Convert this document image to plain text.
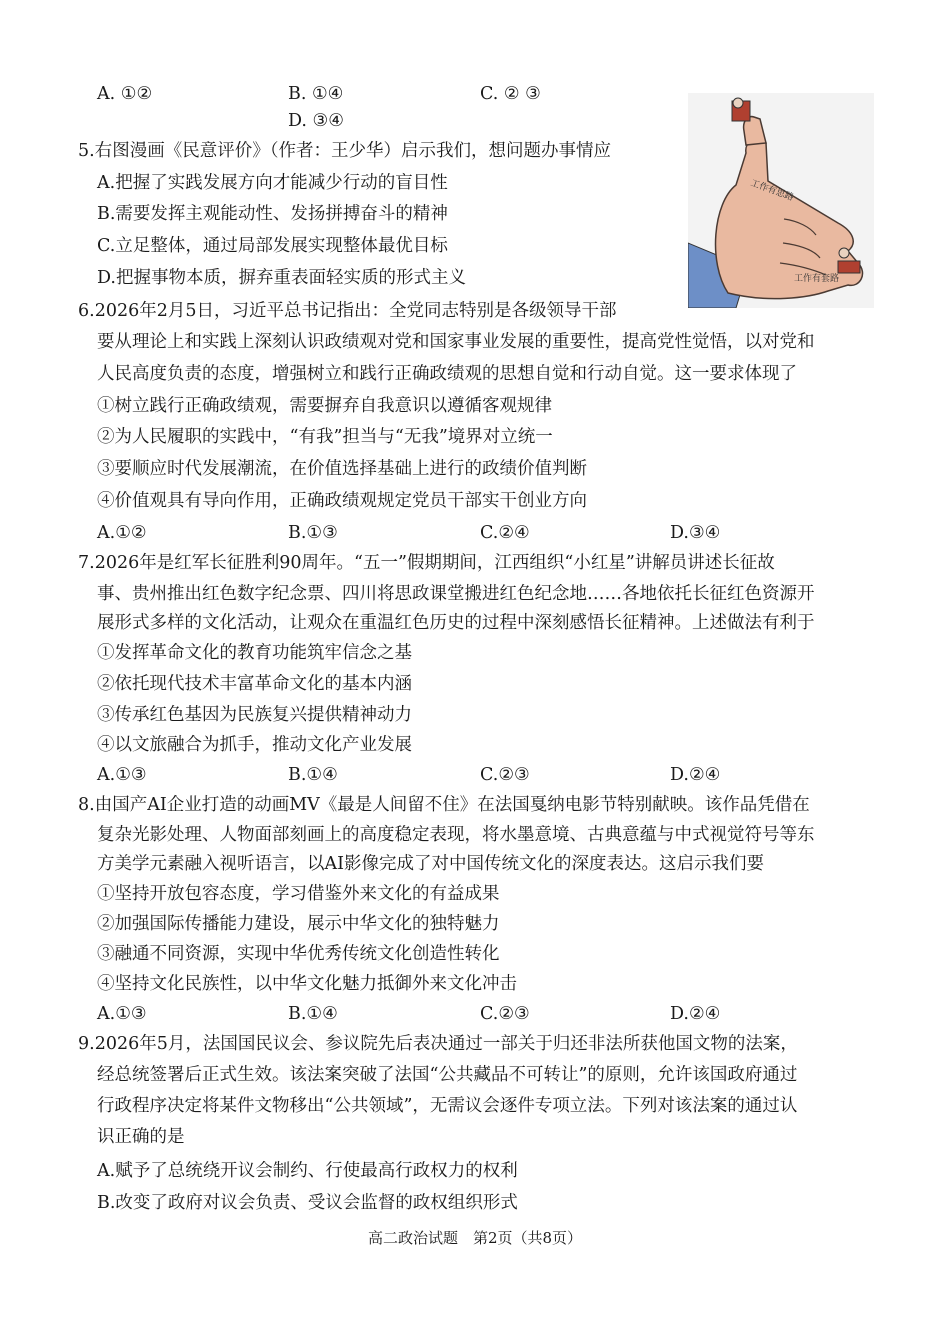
A. ①②	B. ①④	C. ② ③
D. ③④
工作有思路
工作有套路
5.右图漫画《民意评价》（作者：王少华）启示我们，想问题办事情应
A.把握了实践发展方向才能减少行动的盲目性
B.需要发挥主观能动性、发扬拼搏奋斗的精神
C.立足整体，通过局部发展实现整体最优目标
D.把握事物本质，摒弃重表面轻实质的形式主义
6.2026年2月5日，习近平总书记指出：全党同志特别是各级领导干部
要从理论上和实践上深刻认识政绩观对党和国家事业发展的重要性，提高党性觉悟，以对党和
人民高度负责的态度，增强树立和践行正确政绩观的思想自觉和行动自觉。这一要求体现了
①树立践行正确政绩观，需要摒弃自我意识以遵循客观规律
②为人民履职的实践中，“有我”担当与“无我”境界对立统一
③要顺应时代发展潮流，在价值选择基础上进行的政绩价值判断
④价值观具有导向作用，正确政绩观规定党员干部实干创业方向
A.①②	B.①③	C.②④	D.③④
7.2026年是红军长征胜利90周年。“五一”假期期间，江西组织“小红星”讲解员讲述长征故
事、贵州推出红色数字纪念票、四川将思政课堂搬进红色纪念地……各地依托长征红色资源开
展形式多样的文化活动，让观众在重温红色历史的过程中深刻感悟长征精神。上述做法有利于
①发挥革命文化的教育功能筑牢信念之基
②依托现代技术丰富革命文化的基本内涵
③传承红色基因为民族复兴提供精神动力
④以文旅融合为抓手，推动文化产业发展
A.①③	B.①④	C.②③	D.②④
8.由国产AI企业打造的动画MV《最是人间留不住》在法国戛纳电影节特别献映。该作品凭借在
复杂光影处理、人物面部刻画上的高度稳定表现，将水墨意境、古典意蕴与中式视觉符号等东
方美学元素融入视听语言，以AI影像完成了对中国传统文化的深度表达。这启示我们要
①坚持开放包容态度，学习借鉴外来文化的有益成果
②加强国际传播能力建设，展示中华文化的独特魅力
③融通不同资源，实现中华优秀传统文化创造性转化
④坚持文化民族性，以中华文化魅力抵御外来文化冲击
A.①③	B.①④	C.②③	D.②④
9.2026年5月，法国国民议会、参议院先后表决通过一部关于归还非法所获他国文物的法案，
经总统签署后正式生效。该法案突破了法国“公共藏品不可转让”的原则，允许该国政府通过
行政程序决定将某件文物移出“公共领域”，无需议会逐件专项立法。下列对该法案的通过认
识正确的是
A.赋予了总统绕开议会制约、行使最高行政权力的权利
B.改变了政府对议会负责、受议会监督的政权组织形式
高二政治试题　第2页（共8页）
